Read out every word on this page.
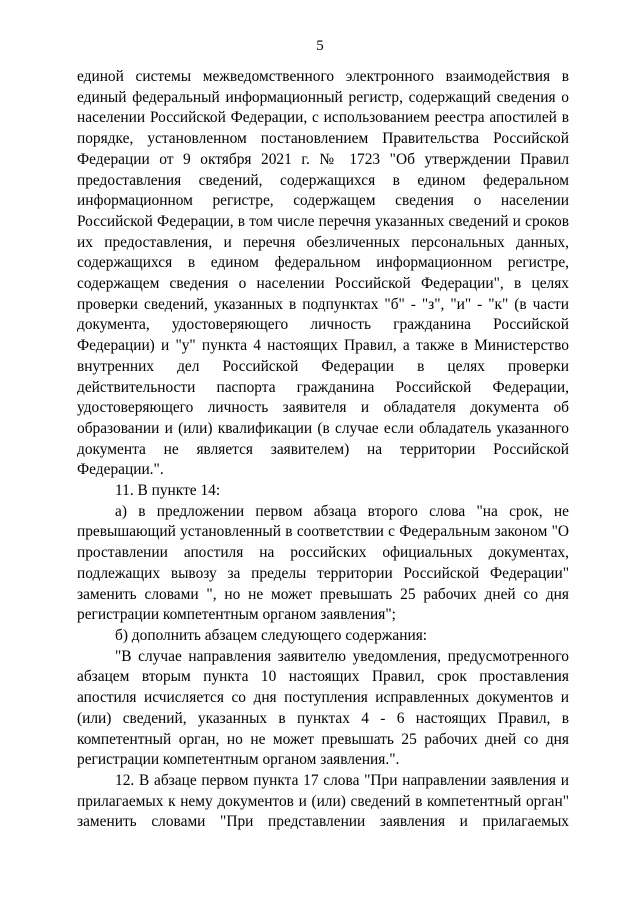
5

единой системы межведомственного электронного взаимодействия в единый федеральный информационный регистр, содержащий сведения о населении Российской Федерации, с использованием реестра апостилей в порядке, установленном постановлением Правительства Российской Федерации от 9 октября 2021 г. № 1723 "Об утверждении Правил предоставления сведений, содержащихся в едином федеральном информационном регистре, содержащем сведения о населении Российской Федерации, в том числе перечня указанных сведений и сроков их предоставления, и перечня обезличенных персональных данных, содержащихся в едином федеральном информационном регистре, содержащем сведения о населении Российской Федерации", в целях проверки сведений, указанных в подпунктах "б" - "з", "и" - "к" (в части документа, удостоверяющего личность гражданина Российской Федерации) и "у" пункта 4 настоящих Правил, а также в Министерство внутренних дел Российской Федерации в целях проверки действительности паспорта гражданина Российской Федерации, удостоверяющего личность заявителя и обладателя документа об образовании и (или) квалификации (в случае если обладатель указанного документа не является заявителем) на территории Российской Федерации.".

11. В пункте 14:

а) в предложении первом абзаца второго слова "на срок, не превышающий установленный в соответствии с Федеральным законом "О проставлении апостиля на российских официальных документах, подлежащих вывозу за пределы территории Российской Федерации" заменить словами ", но не может превышать 25 рабочих дней со дня регистрации компетентным органом заявления";

б) дополнить абзацем следующего содержания:

"В случае направления заявителю уведомления, предусмотренного абзацем вторым пункта 10 настоящих Правил, срок проставления апостиля исчисляется со дня поступления исправленных документов и (или) сведений, указанных в пунктах 4 - 6 настоящих Правил, в компетентный орган, но не может превышать 25 рабочих дней со дня регистрации компетентным органом заявления.".

12. В абзаце первом пункта 17 слова "При направлении заявления и прилагаемых к нему документов и (или) сведений в компетентный орган" заменить словами "При представлении заявления и прилагаемых
